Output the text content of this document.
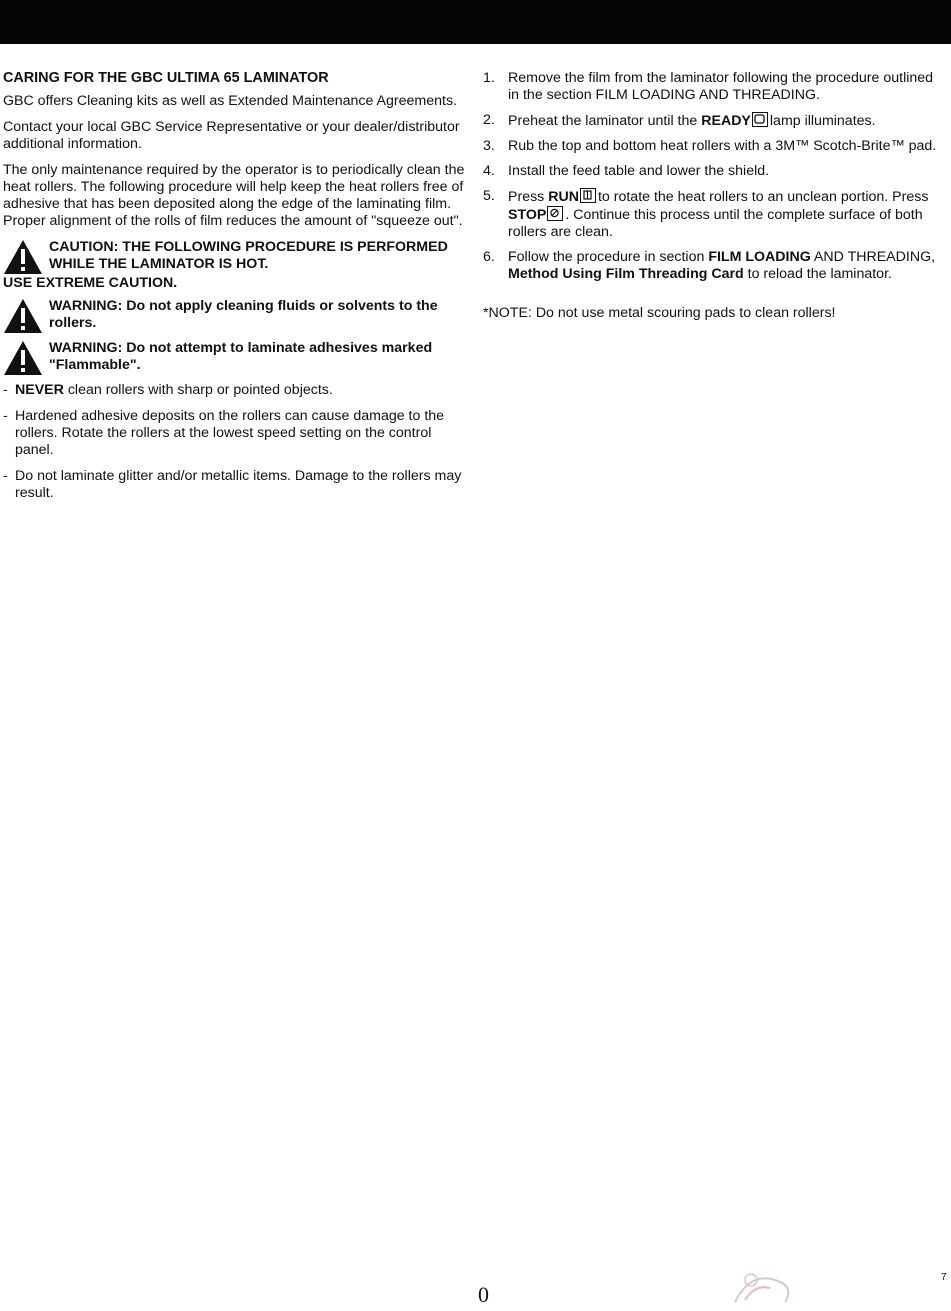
CARING FOR THE GBC ULTIMA 65 LAMINATOR

GBC offers Cleaning kits as well as Extended Maintenance Agreements.

Contact your local GBC Service Representative or your dealer/distributor additional information.

The only maintenance required by the operator is to periodically clean the heat rollers. The following procedure will help keep the heat rollers free of adhesive that has been deposited along the edge of the laminating film. Proper alignment of the rolls of film reduces the amount of "squeeze out".

CAUTION: THE FOLLOWING PROCEDURE IS PERFORMED WHILE THE LAMINATOR IS HOT.
USE EXTREME CAUTION.
WARNING: Do not apply cleaning fluids or solvents to the rollers.
WARNING: Do not attempt to laminate adhesives marked "Flammable".
- NEVER clean rollers with sharp or pointed objects.
- Hardened adhesive deposits on the rollers can cause damage to the rollers. Rotate the rollers at the lowest speed setting on the control panel.
- Do not laminate glitter and/or metallic items. Damage to the rollers may result.
1. Remove the film from the laminator following the procedure outlined in the section FILM LOADING AND THREADING.
2. Preheat the laminator until the READY lamp illuminates.
3. Rub the top and bottom heat rollers with a 3M™ Scotch-Brite™ pad.
4. Install the feed table and lower the shield.
5. Press RUN to rotate the heat rollers to an unclean portion. Press STOP . Continue this process until the complete surface of both rollers are clean.
6. Follow the procedure in section FILM LOADING AND THREADING, Method Using Film Threading Card to reload the laminator.

*NOTE: Do not use metal scouring pads to clean rollers!

0
7
